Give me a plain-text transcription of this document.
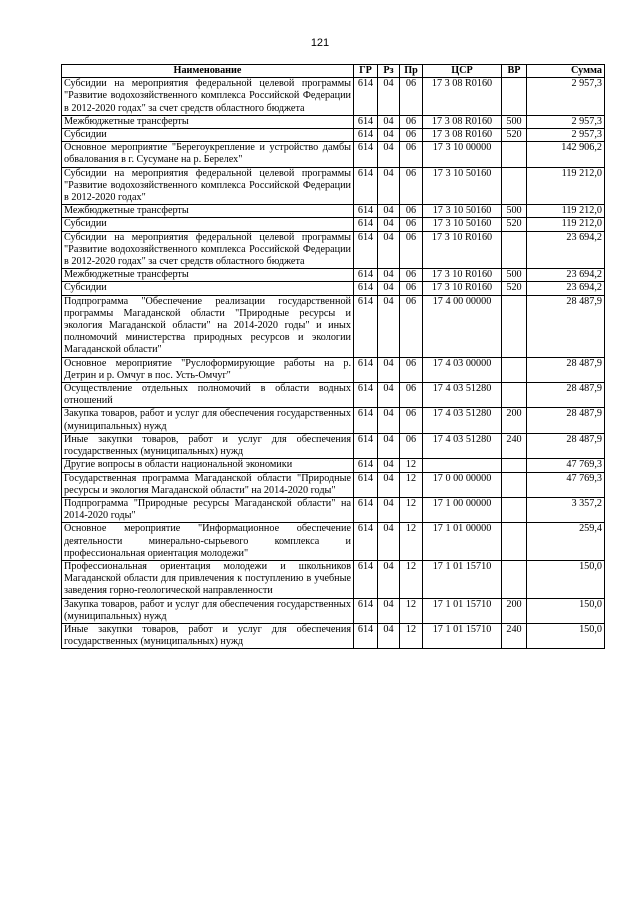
121
Наименование	ГР	Рз	Пр	ЦСР	ВР	Сумма
Субсидии на мероприятия федеральной целевой программы "Развитие водохозяйственного комплекса Российской Федерации в 2012-2020 годах" за счет средств областного бюджета	614	04	06	17 3 08 R0160		2 957,3
Межбюджетные трансферты	614	04	06	17 3 08 R0160	500	2 957,3
Субсидии	614	04	06	17 3 08 R0160	520	2 957,3
Основное мероприятие "Берегоукрепление и устройство дамбы обвалования в г. Сусумане на р. Берелех"	614	04	06	17 3 10 00000		142 906,2
Субсидии на мероприятия федеральной целевой программы "Развитие водохозяйственного комплекса Российской Федерации в 2012-2020 годах"	614	04	06	17 3 10 50160		119 212,0
Межбюджетные трансферты	614	04	06	17 3 10 50160	500	119 212,0
Субсидии	614	04	06	17 3 10 50160	520	119 212,0
Субсидии на мероприятия федеральной целевой программы "Развитие водохозяйственного комплекса Российской Федерации в 2012-2020 годах" за счет средств областного бюджета	614	04	06	17 3 10 R0160		23 694,2
Межбюджетные трансферты	614	04	06	17 3 10 R0160	500	23 694,2
Субсидии	614	04	06	17 3 10 R0160	520	23 694,2
Подпрограмма "Обеспечение реализации государственной программы Магаданской области "Природные ресурсы и экология Магаданской области" на 2014-2020 годы" и иных полномочий министерства природных ресурсов и экологии Магаданской области"	614	04	06	17 4 00 00000		28 487,9
Основное мероприятие "Руслоформирующие работы на р. Детрин и р. Омчуг в пос. Усть-Омчуг"	614	04	06	17 4 03 00000		28 487,9
Осуществление отдельных полномочий в области водных отношений	614	04	06	17 4 03 51280		28 487,9
Закупка товаров, работ и услуг для обеспечения государственных (муниципальных) нужд	614	04	06	17 4 03 51280	200	28 487,9
Иные закупки товаров, работ и услуг для обеспечения государственных (муниципальных) нужд	614	04	06	17 4 03 51280	240	28 487,9
Другие вопросы в области национальной экономики	614	04	12			47 769,3
Государственная программа Магаданской области "Природные ресурсы и экология Магаданской области" на 2014-2020 годы"	614	04	12	17 0 00 00000		47 769,3
Подпрограмма "Природные ресурсы Магаданской области" на 2014-2020 годы"	614	04	12	17 1 00 00000		3 357,2
Основное мероприятие "Информационное обеспечение деятельности минерально-сырьевого комплекса и профессиональная ориентация молодежи"	614	04	12	17 1 01 00000		259,4
Профессиональная ориентация молодежи и школьников Магаданской области для привлечения к поступлению в учебные заведения горно-геологической направленности	614	04	12	17 1 01 15710		150,0
Закупка товаров, работ и услуг для обеспечения государственных (муниципальных) нужд	614	04	12	17 1 01 15710	200	150,0
Иные закупки товаров, работ и услуг для обеспечения государственных (муниципальных) нужд	614	04	12	17 1 01 15710	240	150,0
